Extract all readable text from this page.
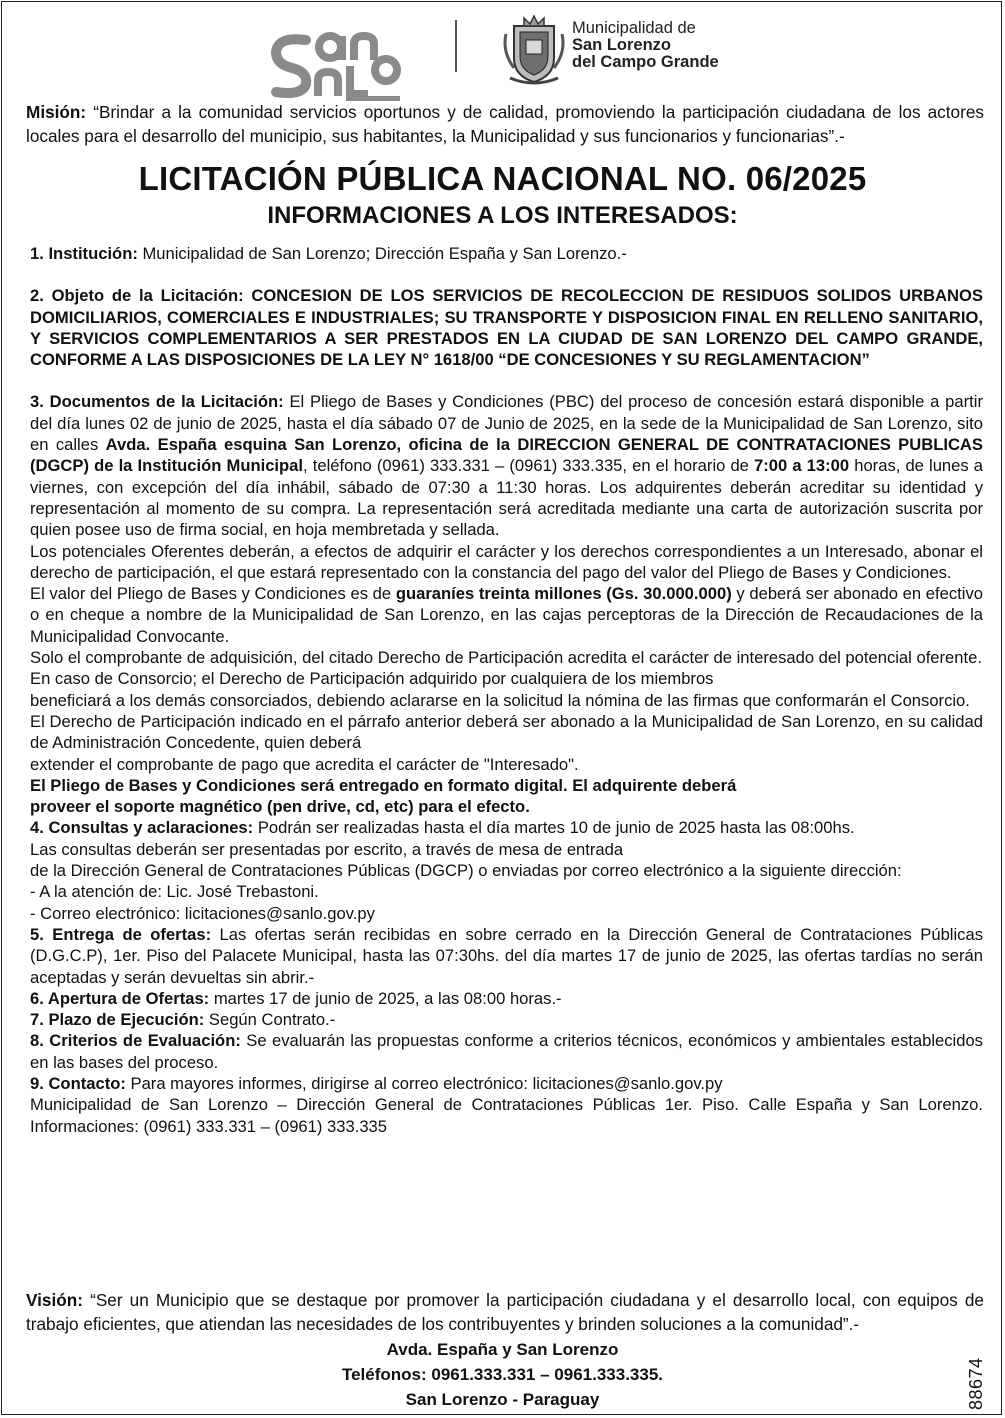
Municipalidad de
San Lorenzo
del Campo Grande
Misión: “Brindar a la comunidad servicios oportunos y de calidad, promoviendo la participación ciudadana de los actores locales para el desarrollo del municipio, sus habitantes, la Municipalidad y sus funcionarios y funcionarias”.-
LICITACIÓN PÚBLICA NACIONAL NO. 06/2025
INFORMACIONES A LOS INTERESADOS:

1. Institución: Municipalidad de San Lorenzo; Dirección España y San Lorenzo.-

2. Objeto de la Licitación: CONCESION DE LOS SERVICIOS DE RECOLECCION DE RESIDUOS SOLIDOS URBANOS DOMICILIARIOS, COMERCIALES E INDUSTRIALES; SU TRANSPORTE Y DISPOSICION FINAL EN RELLENO SANITARIO, Y SERVICIOS COMPLEMENTARIOS A SER PRESTADOS EN LA CIUDAD DE SAN LORENZO DEL CAMPO GRANDE, CONFORME A LAS DISPOSICIONES DE LA LEY N° 1618/00 “DE CONCESIONES Y SU REGLAMENTACION”

3. Documentos de la Licitación: El Pliego de Bases y Condiciones (PBC) del proceso de concesión estará disponible a partir del día lunes 02 de junio de 2025, hasta el día sábado 07 de Junio de 2025, en la sede de la Municipalidad de San Lorenzo, sito en calles Avda. España esquina San Lorenzo, oficina de la DIRECCION GENERAL DE CONTRATACIONES PUBLICAS (DGCP) de la Institución Municipal, teléfono (0961) 333.331 – (0961) 333.335, en el horario de 7:00 a 13:00 horas, de lunes a viernes, con excepción del día inhábil, sábado de 07:30 a 11:30 horas. Los adquirentes deberán acreditar su identidad y representación al momento de su compra. La representación será acreditada mediante una carta de autorización suscrita por quien posee uso de firma social, en hoja membretada y sellada.

Los potenciales Oferentes deberán, a efectos de adquirir el carácter y los derechos correspondientes a un Interesado, abonar el derecho de participación, el que estará representado con la constancia del pago del valor del Pliego de Bases y Condiciones.

El valor del Pliego de Bases y Condiciones es de guaraníes treinta millones (Gs. 30.000.000) y deberá ser abonado en efectivo o en cheque a nombre de la Municipalidad de San Lorenzo, en las cajas perceptoras de la Dirección de Recaudaciones de la Municipalidad Convocante.

Solo el comprobante de adquisición, del citado Derecho de Participación acredita el carácter de interesado del potencial oferente.

En caso de Consorcio; el Derecho de Participación adquirido por cualquiera de los miembros

beneficiará a los demás consorciados, debiendo aclararse en la solicitud la nómina de las firmas que conformarán el Consorcio.

El Derecho de Participación indicado en el párrafo anterior deberá ser abonado a la Municipalidad de San Lorenzo, en su calidad de Administración Concedente, quien deberá

extender el comprobante de pago que acredita el carácter de "Interesado".

El Pliego de Bases y Condiciones será entregado en formato digital. El adquirente deberá

proveer el soporte magnético (pen drive, cd, etc) para el efecto.

4. Consultas y aclaraciones: Podrán ser realizadas hasta el día martes 10 de junio de 2025 hasta las 08:00hs.

Las consultas deberán ser presentadas por escrito, a través de mesa de entrada

de la Dirección General de Contrataciones Públicas (DGCP) o enviadas por correo electrónico a la siguiente dirección:

- A la atención de: Lic. José Trebastoni.

- Correo electrónico: licitaciones@sanlo.gov.py

5. Entrega de ofertas: Las ofertas serán recibidas en sobre cerrado en la Dirección General de Contrataciones Públicas (D.G.C.P), 1er. Piso del Palacete Municipal, hasta las 07:30hs. del día martes 17 de junio de 2025, las ofertas tardías no serán aceptadas y serán devueltas sin abrir.-

6. Apertura de Ofertas: martes 17 de junio de 2025, a las 08:00 horas.-

7. Plazo de Ejecución: Según Contrato.-

8. Criterios de Evaluación: Se evaluarán las propuestas conforme a criterios técnicos, económicos y ambientales establecidos en las bases del proceso.

9. Contacto: Para mayores informes, dirigirse al correo electrónico: licitaciones@sanlo.gov.py

Municipalidad de San Lorenzo – Dirección General de Contrataciones Públicas 1er. Piso. Calle España y San Lorenzo. Informaciones: (0961) 333.331 – (0961) 333.335

Visión: “Ser un Municipio que se destaque por promover la participación ciudadana y el desarrollo local, con equipos de trabajo eficientes, que atiendan las necesidades de los contribuyentes y brinden soluciones a la comunidad”.-
Avda. España y San Lorenzo
Teléfonos: 0961.333.331 – 0961.333.335.
San Lorenzo - Paraguay	88674
